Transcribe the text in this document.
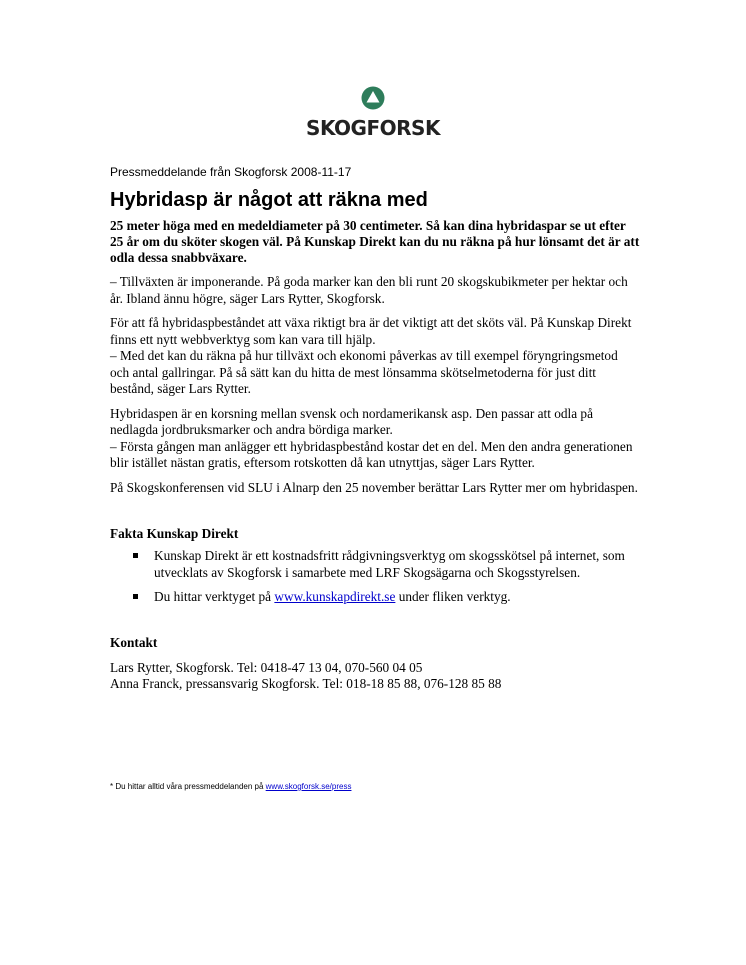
SKOGFORSK

Pressmeddelande från Skogforsk 2008-11-17

Hybridasp är något att räkna med

25 meter höga med en medeldiameter på 30 centimeter. Så kan dina hybridaspar se ut efter 25 år om du sköter skogen väl. På Kunskap Direkt kan du nu räkna på hur lönsamt det är att odla dessa snabbväxare.

– Tillväxten är imponerande. På goda marker kan den bli runt 20 skogskubikmeter per hektar och år. Ibland ännu högre, säger Lars Rytter, Skogforsk.

För att få hybridaspbeståndet att växa riktigt bra är det viktigt att det sköts väl. På Kunskap Direkt finns ett nytt webbverktyg som kan vara till hjälp.
– Med det kan du räkna på hur tillväxt och ekonomi påverkas av till exempel föryngringsmetod och antal gallringar. På så sätt kan du hitta de mest lönsamma skötselmetoderna för just ditt bestånd, säger Lars Rytter.

Hybridaspen är en korsning mellan svensk och nordamerikansk asp. Den passar att odla på nedlagda jordbruksmarker och andra bördiga marker.
– Första gången man anlägger ett hybridaspbestånd kostar det en del. Men den andra generationen blir istället nästan gratis, eftersom rotskotten då kan utnyttjas, säger Lars Rytter.

På Skogskonferensen vid SLU i Alnarp den 25 november berättar Lars Rytter mer om hybridaspen.

Fakta Kunskap Direkt
Kunskap Direkt är ett kostnadsfritt rådgivningsverktyg om skogsskötsel på internet, som utvecklats av Skogforsk i samarbete med LRF Skogsägarna och Skogsstyrelsen.
Du hittar verktyget på www.kunskapdirekt.se under fliken verktyg.
Kontakt
Lars Rytter, Skogforsk. Tel: 0418-47 13 04, 070-560 04 05
Anna Franck, pressansvarig Skogforsk. Tel: 018-18 85 88, 076-128 85 88
* Du hittar alltid våra pressmeddelanden på www.skogforsk.se/press
